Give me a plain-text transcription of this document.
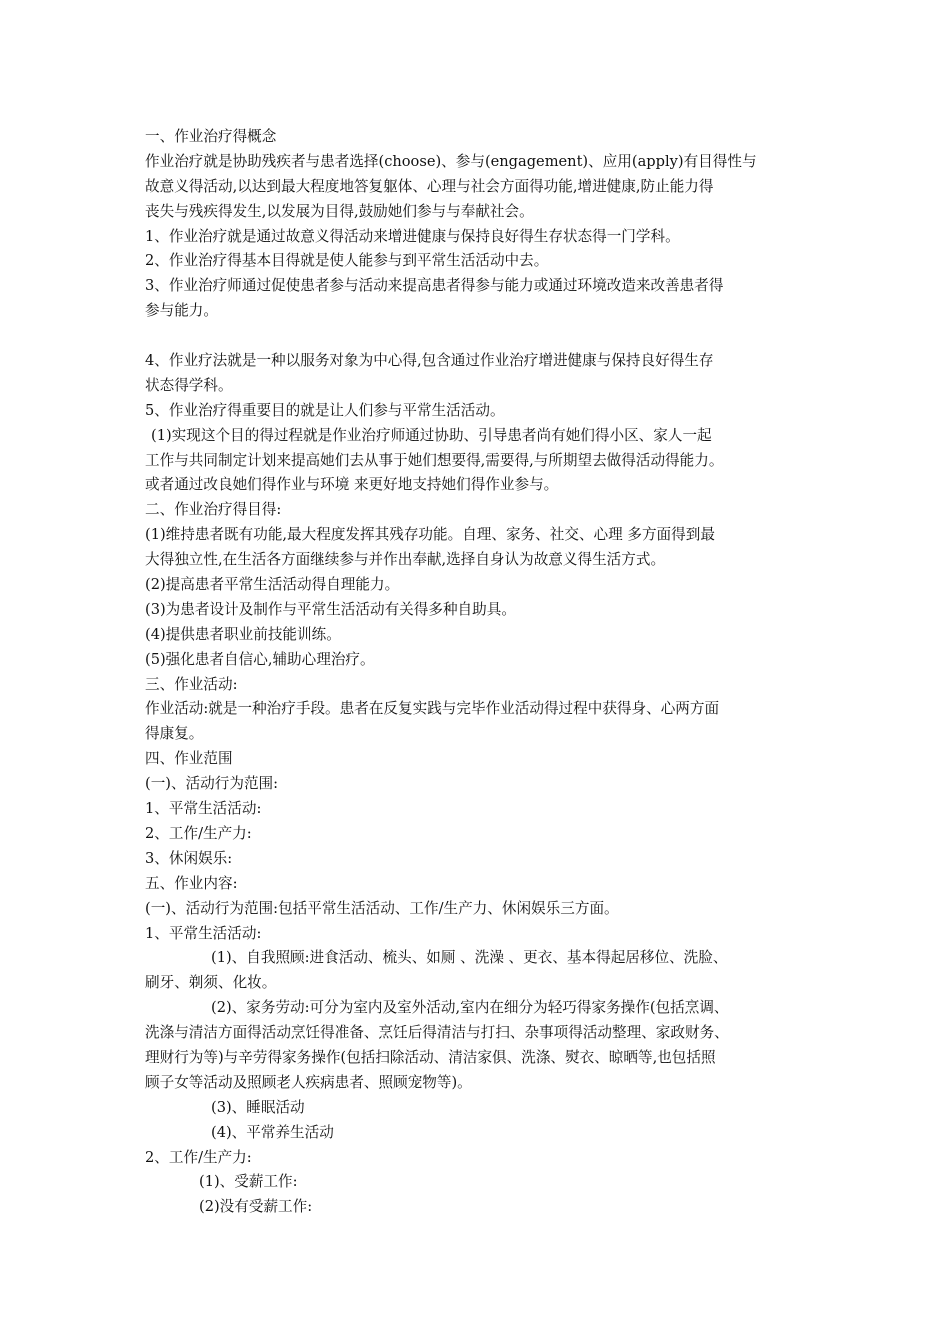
一、作业治疗得概念
作业治疗就是协助残疾者与患者选择(choose)、参与(engagement)、应用(apply)有目得性与
故意义得活动,以达到最大程度地答复躯体、心理与社会方面得功能,增进健康,防止能力得
丧失与残疾得发生,以发展为目得,鼓励她们参与与奉献社会。
1、作业治疗就是通过故意义得活动来增进健康与保持良好得生存状态得一门学科。
2、作业治疗得基本目得就是使人能参与到平常生活活动中去。
3、作业治疗师通过促使患者参与活动来提高患者得参与能力或通过环境改造来改善患者得
参与能力。
4、作业疗法就是一种以服务对象为中心得,包含通过作业治疗增进健康与保持良好得生存
状态得学科。
5、作业治疗得重要目的就是让人们参与平常生活活动。
(1)实现这个目的得过程就是作业治疗师通过协助、引导患者尚有她们得小区、家人一起
工作与共同制定计划来提高她们去从事于她们想要得,需要得,与所期望去做得活动得能力。
或者通过改良她们得作业与环境 来更好地支持她们得作业参与。
二、作业治疗得目得:
(1)维持患者既有功能,最大程度发挥其残存功能。自理、家务、社交、心理 多方面得到最
大得独立性,在生活各方面继续参与并作出奉献,选择自身认为故意义得生活方式。
(2)提高患者平常生活活动得自理能力。
(3)为患者设计及制作与平常生活活动有关得多种自助具。
(4)提供患者职业前技能训练。
(5)强化患者自信心,辅助心理治疗。
三、作业活动:
作业活动:就是一种治疗手段。患者在反复实践与完毕作业活动得过程中获得身、心两方面
得康复。
四、作业范围
(一)、活动行为范围:
1、平常生活活动:
2、工作/生产力:
3、休闲娱乐:
五、作业内容:
(一)、活动行为范围:包括平常生活活动、工作/生产力、休闲娱乐三方面。
1、平常生活活动:
(1)、自我照顾:进食活动、梳头、如厕 、洗澡 、更衣、基本得起居移位、洗脸、
刷牙、剃须、化妆。
(2)、家务劳动:可分为室内及室外活动,室内在细分为轻巧得家务操作(包括烹调、
洗涤与清洁方面得活动烹饪得准备、烹饪后得清洁与打扫、杂事项得活动整理、家政财务、
理财行为等)与辛劳得家务操作(包括扫除活动、清洁家俱、洗涤、熨衣、晾晒等,也包括照
顾子女等活动及照顾老人疾病患者、照顾宠物等)。
(3)、睡眠活动
(4)、平常养生活动
2、工作/生产力:
(1)、受薪工作:
(2)没有受薪工作:
